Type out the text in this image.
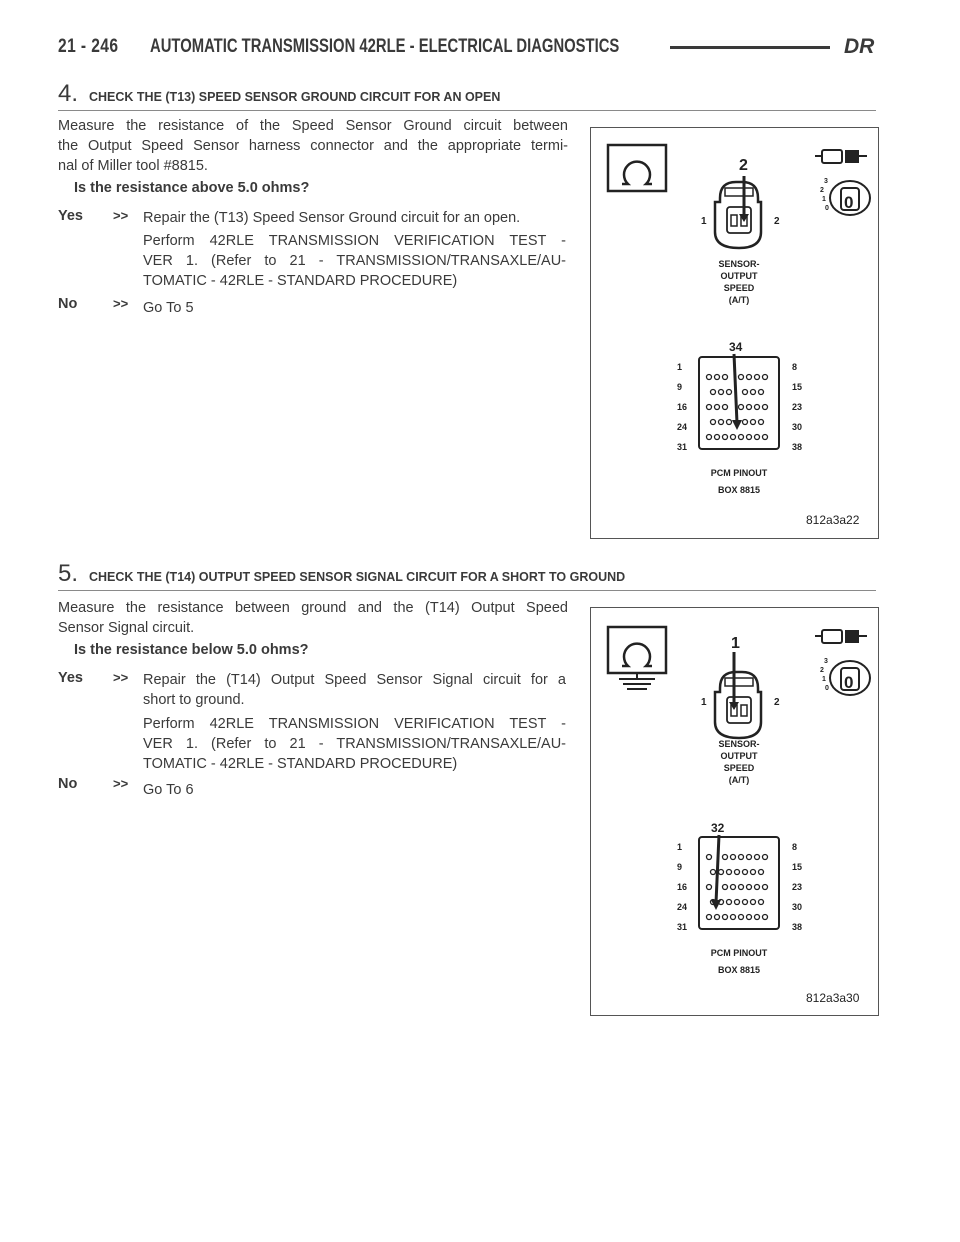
21 - 246 AUTOMATIC TRANSMISSION 42RLE - ELECTRICAL DIAGNOSTICS	DR
4. CHECK THE (T13) SPEED SENSOR GROUND CIRCUIT FOR AN OPEN
Measure the resistance of the Speed Sensor Ground circuit between
the Output Speed Sensor harness connector and the appropriate termi-
nal of Miller tool #8815.
Is the resistance above 5.0 ohms?
Yes >> Repair the (T13) Speed Sensor Ground circuit for an open.
Perform 42RLE TRANSMISSION VERIFICATION TEST -
VER 1. (Refer to 21 - TRANSMISSION/TRANSAXLE/AU-
TOMATIC - 42RLE - STANDARD PROCEDURE)
No	>> Go To 5
3
2
1
0 0
2
1	2
SENSOR-
OUTPUT
SPEED
(A/T)
34
1
9
16
24
31
8
15
23
30
38
PCM PINOUT
BOX 8815
812a3a22
5. CHECK THE (T14) OUTPUT SPEED SENSOR SIGNAL CIRCUIT FOR A SHORT TO GROUND
Measure the resistance between ground and the (T14) Output Speed
Sensor Signal circuit.
Is the resistance below 5.0 ohms?
Yes >> Repair the (T14) Output Speed Sensor Signal circuit for a
short to ground.
Perform 42RLE TRANSMISSION VERIFICATION TEST -
VER 1. (Refer to 21 - TRANSMISSION/TRANSAXLE/AU-
TOMATIC - 42RLE - STANDARD PROCEDURE)
No	>> Go To 6
3
2
1
0 0
1
1	2
SENSOR-
OUTPUT
SPEED
(A/T)
32
1
9
16
24
31
8
15
23
30
38
PCM PINOUT
BOX 8815
812a3a30
